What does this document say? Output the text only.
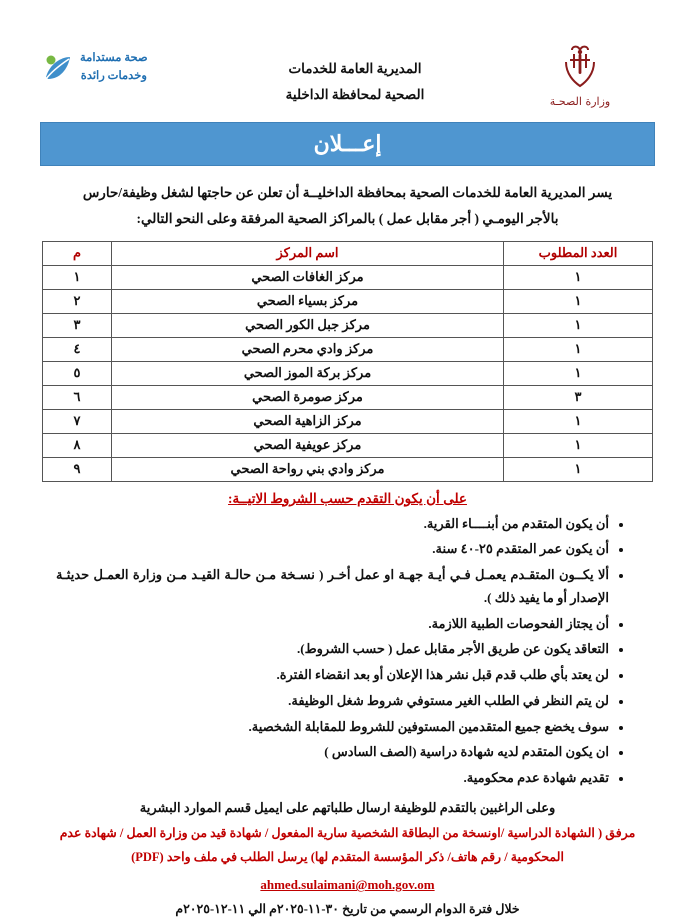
وزارة الصحـة
المديرية العامة للخدمات
الصحية لمحافظة الداخلية
صحة مستدامة
وخدمات رائدة
إعـــلان
يسر المديرية العامة للخدمات الصحية بمحافظة الداخليــة أن تعلن عن حاجتها لشغل وظيفة/حارس
بالأجر اليومـي ( أجر مقابل عمل ) بالمراكز الصحية المرفقة وعلى النحو التالي:
العدد المطلوب	اسم المركز	م
١	مركز الغافات الصحي	١
١	مركز بسياء الصحي	٢
١	مركز جبل الكور الصحي	٣
١	مركز وادي محرم الصحي	٤
١	مركز بركة الموز الصحي	٥
٣	مركز صومرة الصحي	٦
١	مركز الزاهية الصحي	٧
١	مركز عويفية الصحي	٨
١	مركز وادي بني رواحة الصحي	٩
على أن يكون التقدم حسب الشروط الاتيــة:
• أن يكون المتقدم من أبنــــاء القرية.
• أن يكون عمر المتقدم ٢٥-٤٠ سنة.
• ألا يكــون المتقـدم يعمـل فـي أيـة جهـة او عمل أخـر ( نسـخة مـن حالـة القيـد مـن وزارة العمـل حديثـة الإصدار أو ما يفيد ذلك ).
• أن يجتاز الفحوصات الطبية اللازمة.
• التعاقد يكون عن طريق الأجر مقابل عمل ( حسب الشروط).
• لن يعتد بأي طلب قدم قبل نشر هذا الإعلان أو بعد انقضاء الفترة.
• لن يتم النظر في الطلب الغير مستوفي شروط شغل الوظيفة.
• سوف يخضع جميع المتقدمين المستوفين للشروط للمقابلة الشخصية.
• ان يكون المتقدم لديه شهادة دراسية (الصف السادس )
• تقديم شهادة عدم محكومية.
وعلى الراغبين بالتقدم للوظيفة ارسال طلباتهم على ايميل قسم الموارد البشرية
مرفق ( الشهادة الدراسية /اونسخة من البطاقة الشخصية سارية المفعول / شهادة قيد من وزارة العمل / شهادة عدم
المحكومية / رقم هاتف/ ذكر المؤسسة المتقدم لها) يرسل الطلب في ملف واحد (PDF)
ahmed.sulaimani@moh.gov.om
خلال فترة الدوام الرسمي من تاريخ ٣٠-١١-٢٠٢٥م الي ١١-١٢-٢٠٢٥م
